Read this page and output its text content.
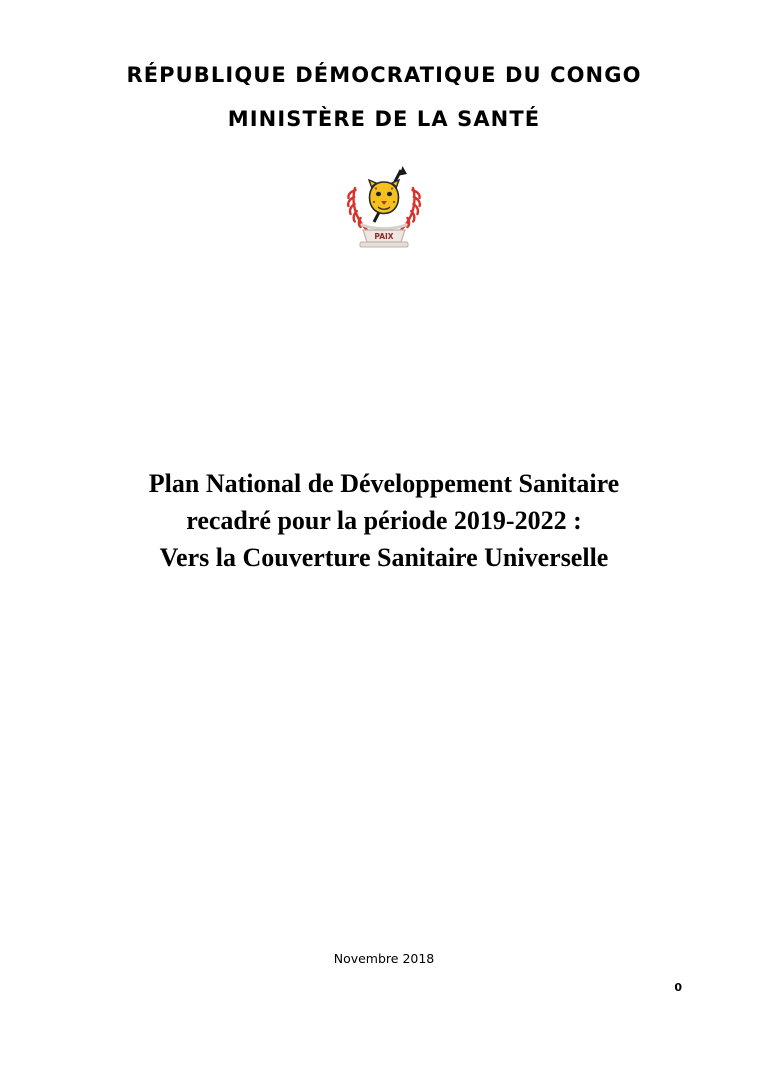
RÉPUBLIQUE DÉMOCRATIQUE DU CONGO
MINISTÈRE DE LA SANTÉ
PAIX
Plan National de Développement Sanitaire
recadré pour la période 2019-2022 :
Vers la Couverture Sanitaire Universelle
Novembre 2018
0
